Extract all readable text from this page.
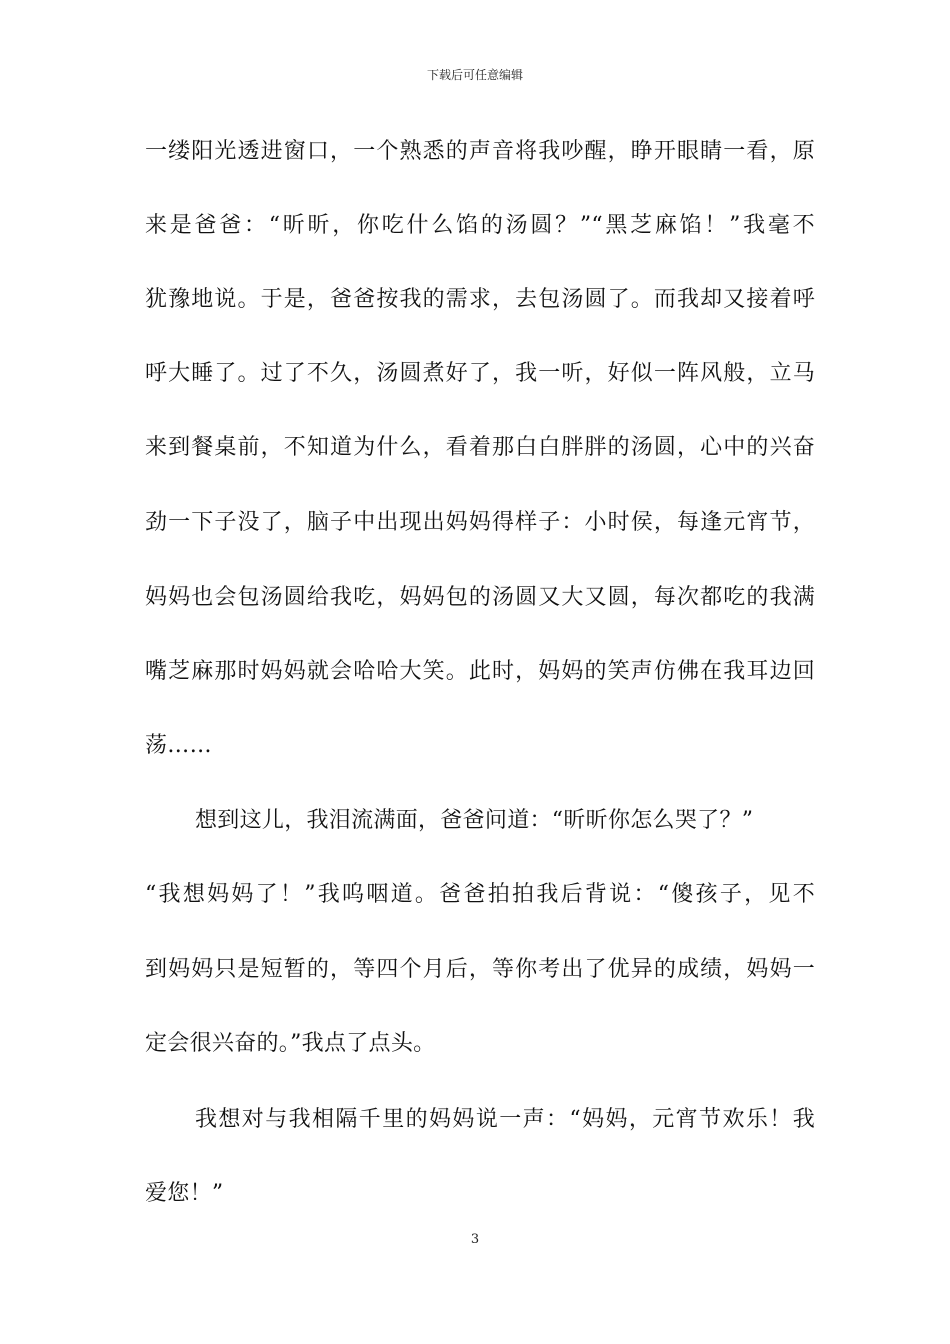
下载后可任意编辑
一缕阳光透进窗口，一个熟悉的声音将我吵醒，睁开眼睛一看，原
来是爸爸：“昕昕，你吃什么馅的汤圆？”“黑芝麻馅！”我毫不
犹豫地说。于是，爸爸按我的需求，去包汤圆了。而我却又接着呼
呼大睡了。过了不久，汤圆煮好了，我一听，好似一阵风般，立马
来到餐桌前，不知道为什么，看着那白白胖胖的汤圆，心中的兴奋
劲一下子没了，脑子中出现出妈妈得样子：小时侯，每逢元宵节，
妈妈也会包汤圆给我吃，妈妈包的汤圆又大又圆，每次都吃的我满
嘴芝麻那时妈妈就会哈哈大笑。此时，妈妈的笑声仿佛在我耳边回
荡……
想到这儿，我泪流满面，爸爸问道：“昕昕你怎么哭了？”
“我想妈妈了！”我呜咽道。爸爸拍拍我后背说：“傻孩子，见不
到妈妈只是短暂的，等四个月后，等你考出了优异的成绩，妈妈一
定会很兴奋的。”我点了点头。
我想对与我相隔千里的妈妈说一声：“妈妈，元宵节欢乐！我
爱您！”
3
